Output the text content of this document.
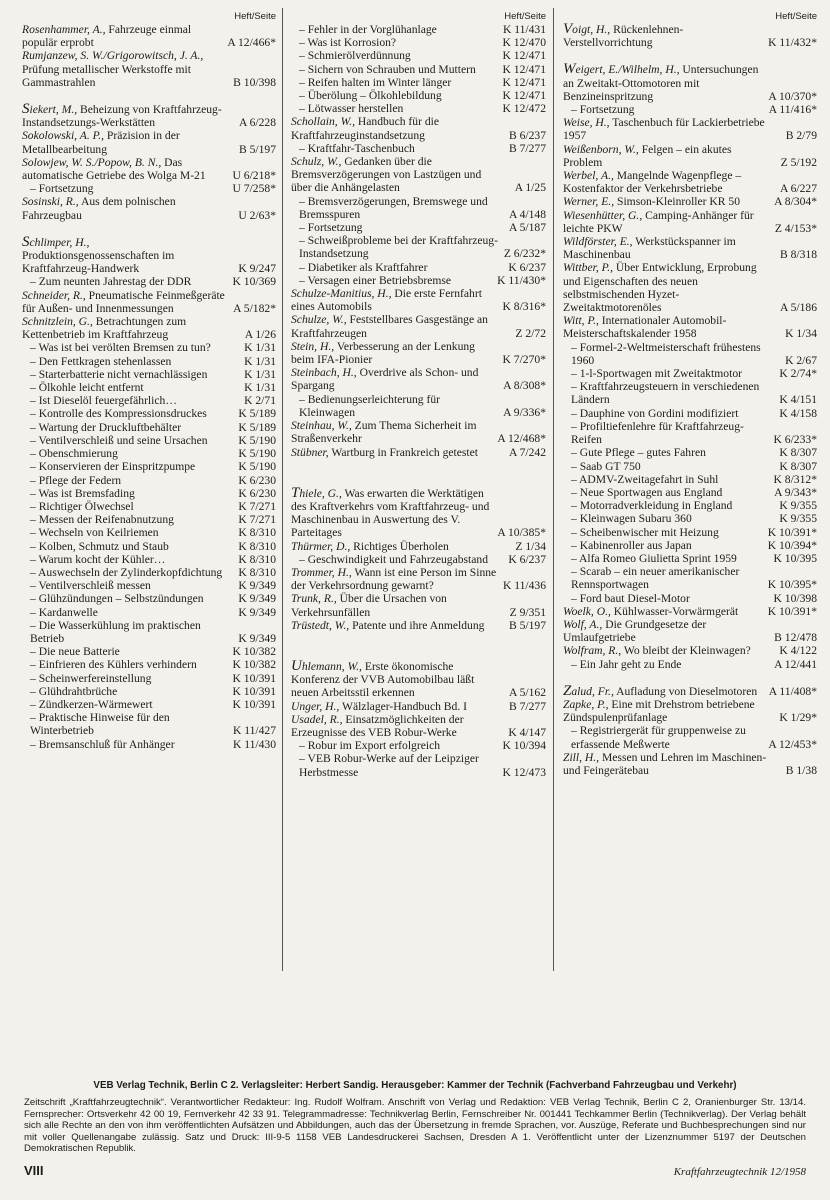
Heft/Seite
Rosenhammer, A., Fahrzeuge einmal populär erprobt	A 12/466*
Rumjanzew, S. W./Grigorowitsch, J. A., Prüfung metallischer Werkstoffe mit Gammastrahlen	B 10/398
Siekert, M., Beheizung von Kraftfahrzeug-Instandsetzungs-Werkstätten	A 6/228
Sokolowski, A. P., Präzision in der Metallbearbeitung	B 5/197
Solowjew, W. S./Popow, B. N., Das automatische Getriebe des Wolga M-21 U 6/218*
– Fortsetzung	U 7/258*
Sosinski, R., Aus dem polnischen Fahrzeugbau	U 2/63*
Schlimper, H., Produktionsgenossenschaften im Kraftfahrzeug-Handwerk	K 9/247
– Zum neunten Jahrestag der DDR	K 10/369
Schneider, R., Pneumatische Feinmeßgeräte für Außen- und Innenmessungen	A 5/182*
Schnitzlein, G., Betrachtungen zum Kettenbetrieb im Kraftfahrzeug	A 1/26
– Was ist bei verölten Bremsen zu tun?	K 1/31
– Den Fettkragen stehenlassen	K 1/31
– Starterbatterie nicht vernachlässigen	K 1/31
– Ölkohle leicht entfernt	K 1/31
– Ist Dieselöl feuergefährlich…	K 2/71
– Kontrolle des Kompressionsdruckes	K 5/189
– Wartung der Druckluftbehälter	K 5/189
– Ventilverschleiß und seine Ursachen	K 5/190
– Obenschmierung	K 5/190
– Konservieren der Einspritzpumpe	K 5/190
– Pflege der Federn	K 6/230
– Was ist Bremsfading	K 6/230
– Richtiger Ölwechsel	K 7/271
– Messen der Reifenabnutzung	K 7/271
– Wechseln von Keilriemen	K 8/310
– Kolben, Schmutz und Staub	K 8/310
– Warum kocht der Kühler…	K 8/310
– Auswechseln der Zylinderkopfdichtung K 8/310
– Ventilverschleiß messen	K 9/349
– Glühzündungen – Selbstzündungen	K 9/349
– Kardanwelle	K 9/349
– Die Wasserkühlung im praktischen Betrieb	K 9/349
– Die neue Batterie	K 10/382
– Einfrieren des Kühlers verhindern	K 10/382
– Scheinwerfereinstellung	K 10/391
– Glühdrahtbrüche	K 10/391
– Zündkerzen-Wärmewert	K 10/391
– Praktische Hinweise für den Winterbetrieb	K 11/427
– Bremsanschluß für Anhänger	K 11/430
Heft/Seite
– Fehler in der Vorglühanlage	K 11/431
– Was ist Korrosion?	K 12/470
– Schmierölverdünnung	K 12/471
– Sichern von Schrauben und Muttern K 12/471
– Reifen halten im Winter länger	K 12/471
– Überölung – Ölkohlebildung	K 12/471
– Lötwasser herstellen	K 12/472
Schollain, W., Handbuch für die Kraftfahrzeuginstandsetzung	B 6/237
– Kraftfahr-Taschenbuch	B 7/277
Schulz, W., Gedanken über die Bremsverzögerungen von Lastzügen und über die Anhängelasten	A 1/25
– Bremsverzögerungen, Bremswege und Bremsspuren	A 4/148
– Fortsetzung	A 5/187
– Schweißprobleme bei der Kraftfahrzeug-Instandsetzung	Z 6/232*
– Diabetiker als Kraftfahrer	K 6/237
– Versagen einer Betriebsbremse	K 11/430*
Schulze-Manitius, H., Die erste Fernfahrt eines Automobils	K 8/316*
Schulze, W., Feststellbares Gasgestänge an Kraftfahrzeugen	Z 2/72
Stein, H., Verbesserung an der Lenkung beim IFA-Pionier	K 7/270*
Steinbach, H., Overdrive als Schon- und Spargang	A 8/308*
– Bedienungserleichterung für Kleinwagen	A 9/336*
Steinhau, W., Zum Thema Sicherheit im Straßenverkehr	A 12/468*
Stübner, Wartburg in Frankreich getestet	A 7/242
Thiele, G., Was erwarten die Werktätigen des Kraftverkehrs vom Kraftfahrzeug- und Maschinenbau in Auswertung des V. Parteitages	A 10/385*
Thürmer, D., Richtiges Überholen	Z 1/34
– Geschwindigkeit und Fahrzeugabstand K 6/237
Trommer, H., Wann ist eine Person im Sinne der Verkehrsordnung gewarnt?	K 11/436
Trunk, R., Über die Ursachen von Verkehrsunfällen	Z 9/351
Trüstedt, W., Patente und ihre Anmeldung B 5/197
Uhlemann, W., Erste ökonomische Konferenz der VVB Automobilbau läßt neuen Arbeitsstil erkennen	A 5/162
Unger, H., Wälzlager-Handbuch Bd. I	B 7/277
Usadel, R., Einsatzmöglichkeiten der Erzeugnisse des VEB Robur-Werke	K 4/147
– Robur im Export erfolgreich	K 10/394
– VEB Robur-Werke auf der Leipziger Herbstmesse	K 12/473
Heft/Seite
Voigt, H., Rückenlehnen-Verstellvorrichtung	K 11/432*
Weigert, E./Wilhelm, H., Untersuchungen an Zweitakt-Ottomotoren mit Benzineinspritzung	A 10/370*
– Fortsetzung	A 11/416*
Weise, H., Taschenbuch für Lackierbetriebe 1957	B 2/79
Weißenborn, W., Felgen – ein akutes Problem	Z 5/192
Werbel, A., Mangelnde Wagenpflege – Kostenfaktor der Verkehrsbetriebe	A 6/227
Werner, E., Simson-Kleinroller KR 50	A 8/304*
Wiesenhütter, G., Camping-Anhänger für leichte PKW	Z 4/153*
Wildförster, E., Werkstückspanner im Maschinenbau	B 8/318
Wittber, P., Über Entwicklung, Erprobung und Eigenschaften des neuen selbstmischenden Hyzet-Zweitaktmotorenöles	A 5/186
Witt, P., Internationaler Automobil-Meisterschaftskalender 1958	K 1/34
– Formel-2-Weltmeisterschaft frühestens 1960	K 2/67
– 1-l-Sportwagen mit Zweitaktmotor	K 2/74*
– Kraftfahrzeugsteuern in verschiedenen Ländern	K 4/151
– Dauphine von Gordini modifiziert	K 4/158
– Profiltiefenlehre für Kraftfahrzeug-Reifen	K 6/233*
– Gute Pflege – gutes Fahren	K 8/307
– Saab GT 750	K 8/307
– ADMV-Zweitagefahrt in Suhl	K 8/312*
– Neue Sportwagen aus England	A 9/343*
– Motorradverkleidung in England	K 9/355
– Kleinwagen Subaru 360	K 9/355
– Scheibenwischer mit Heizung	K 10/391*
– Kabinenroller aus Japan	K 10/394*
– Alfa Romeo Giulietta Sprint 1959	K 10/395
– Scarab – ein neuer amerikanischer Rennsportwagen	K 10/395*
– Ford baut Diesel-Motor	K 10/398
Woelk, O., Kühlwasser-Vorwärmgerät	K 10/391*
Wolf, A., Die Grundgesetze der Umlaufgetriebe	B 12/478
Wolfram, R., Wo bleibt der Kleinwagen? K 4/122
– Ein Jahr geht zu Ende	A 12/441
Zalud, Fr., Aufladung von Dieselmotoren A 11/408*
Zapke, P., Eine mit Drehstrom betriebene Zündspulenprüfanlage	K 1/29*
– Registriergerät für gruppenweise zu erfassende Meßwerte	A 12/453*
Zill, H., Messen und Lehren im Maschinen- und Feingerätebau	B 1/38
VEB Verlag Technik, Berlin C 2. Verlagsleiter: Herbert Sandig. Herausgeber: Kammer der Technik (Fachverband Fahrzeugbau und Verkehr)
Zeitschrift „Kraftfahrzeugtechnik“. Verantwortlicher Redakteur: Ing. Rudolf Wolfram. Anschrift von Verlag und Redaktion: VEB Verlag Technik, Berlin C 2, Oranienburger Str. 13/14. Fernsprecher: Ortsverkehr 42 00 19, Fernverkehr 42 33 91. Telegrammadresse: Technikverlag Berlin, Fernschreiber Nr. 001441 Techkammer Berlin (Technikverlag). Der Verlag behält sich alle Rechte an den von ihm veröffentlichten Aufsätzen und Abbildungen, auch das der Übersetzung in fremde Sprachen, vor. Auszüge, Referate und Buchbesprechungen sind nur mit voller Quellenangabe zulässig. Satz und Druck: III-9-5 1158 VEB Landesdruckerei Sachsen, Dresden A 1. Veröffentlicht unter der Lizenznummer 5197 der Deutschen Demokratischen Republik.
VIII	Kraftfahrzeugtechnik 12/1958
